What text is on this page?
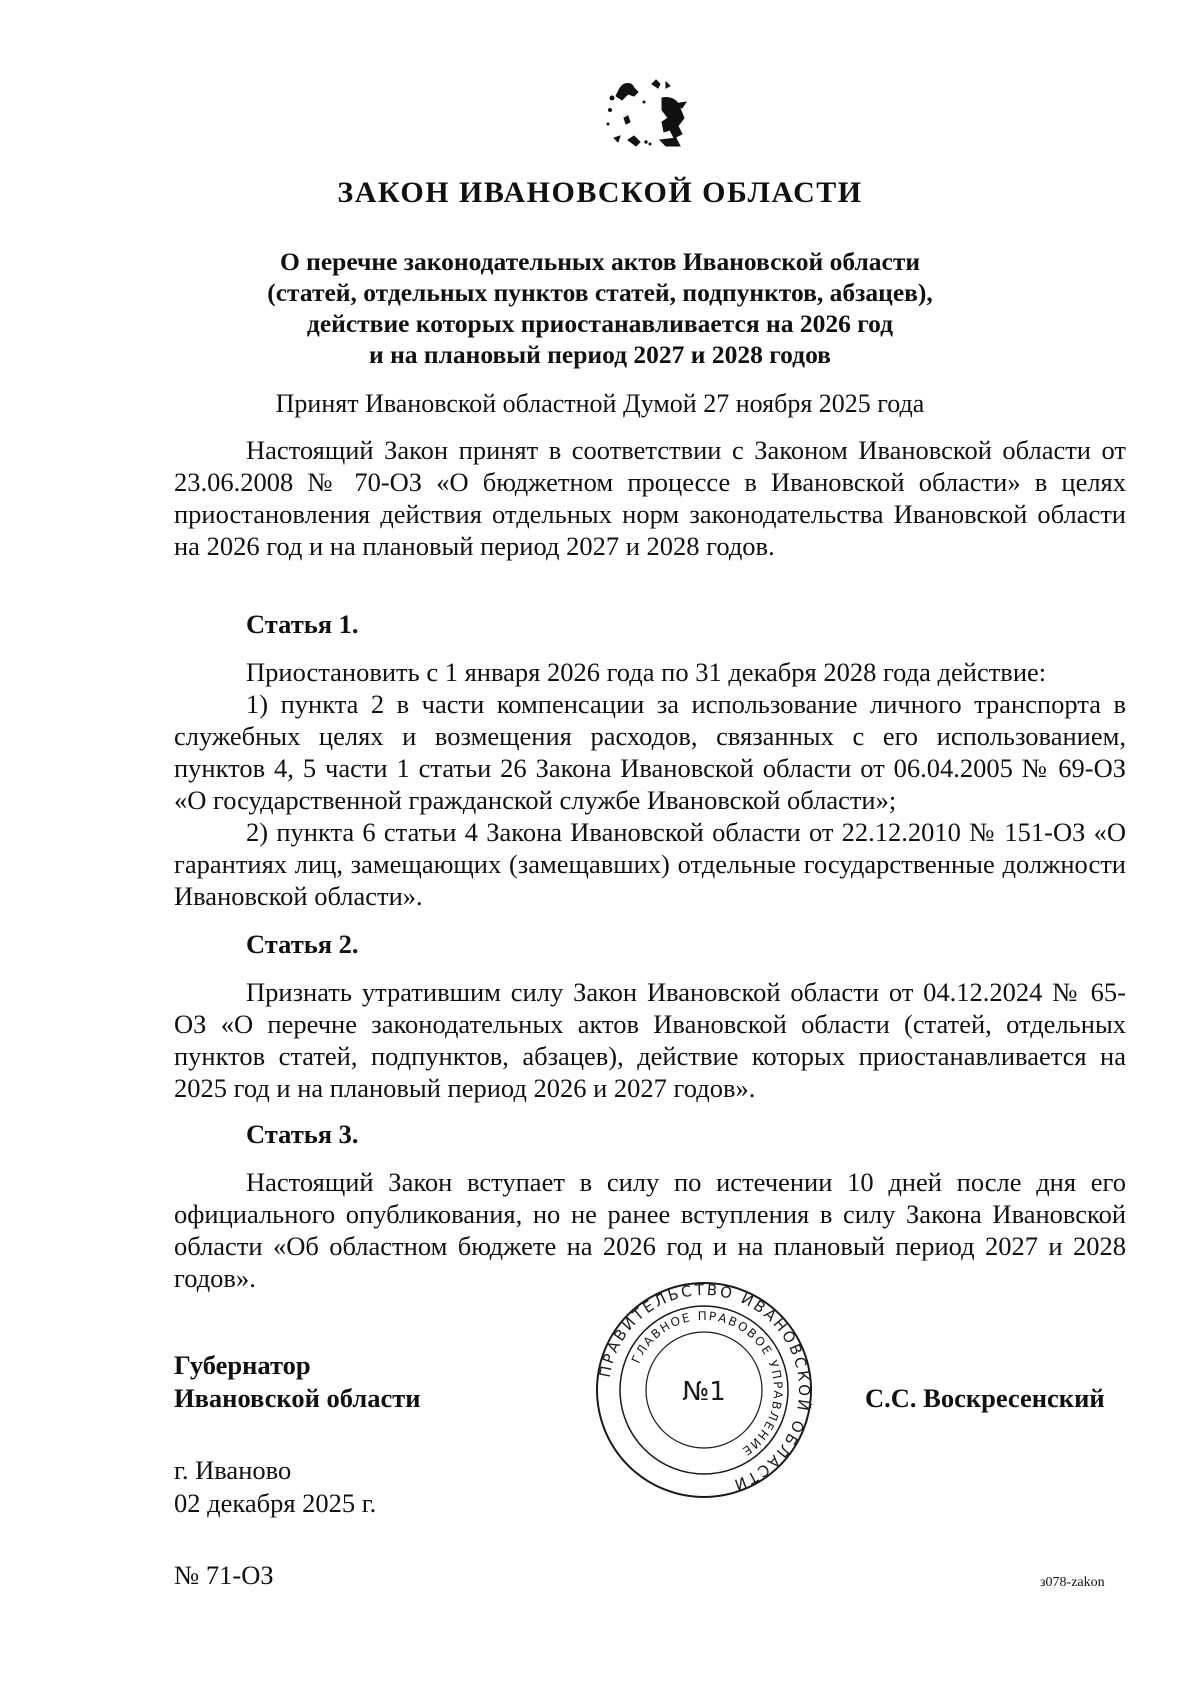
ЗАКОН ИВАНОВСКОЙ ОБЛАСТИ
О перечне законодательных актов Ивановской области
(статей, отдельных пунктов статей, подпунктов, абзацев),
действие которых приостанавливается на 2026 год
и на плановый период 2027 и 2028 годов
Принят Ивановской областной Думой 27 ноября 2025 года

Настоящий Закон принят в соответствии с Законом Ивановской области от 23.06.2008 № 70-ОЗ «О бюджетном процессе в Ивановской области» в целях приостановления действия отдельных норм законодательства Ивановской области на 2026 год и на плановый период 2027 и 2028 годов.

Статья 1.

Приостановить с 1 января 2026 года по 31 декабря 2028 года действие:

1) пункта 2 в части компенсации за использование личного транспорта в служебных целях и возмещения расходов, связанных с его использованием, пунктов 4, 5 части 1 статьи 26 Закона Ивановской области от 06.04.2005 № 69-ОЗ «О государственной гражданской службе Ивановской области»;

2) пункта 6 статьи 4 Закона Ивановской области от 22.12.2010 № 151-ОЗ «О гарантиях лиц, замещающих (замещавших) отдельные государственные должности Ивановской области».

Статья 2.

Признать утратившим силу Закон Ивановской области от 04.12.2024 № 65-ОЗ «О перечне законодательных актов Ивановской области (статей, отдельных пунктов статей, подпунктов, абзацев), действие которых приостанавливается на 2025 год и на плановый период 2026 и 2027 годов».

Статья 3.

Настоящий Закон вступает в силу по истечении 10 дней после дня его официального опубликования, но не ранее вступления в силу Закона Ивановской области «Об областном бюджете на 2026 год и на плановый период 2027 и 2028 годов».

Губернатор
Ивановской области	С.С. Воскресенский
ПРАВИТЕЛЬСТВО ИВАНОВСКОЙ ОБЛАСТИ
ГЛАВНОЕ ПРАВОВОЕ УПРАВЛЕНИЕ
№1
г. Иваново
02 декабря 2025 г.
№ 71-ОЗ	з078-zakon
